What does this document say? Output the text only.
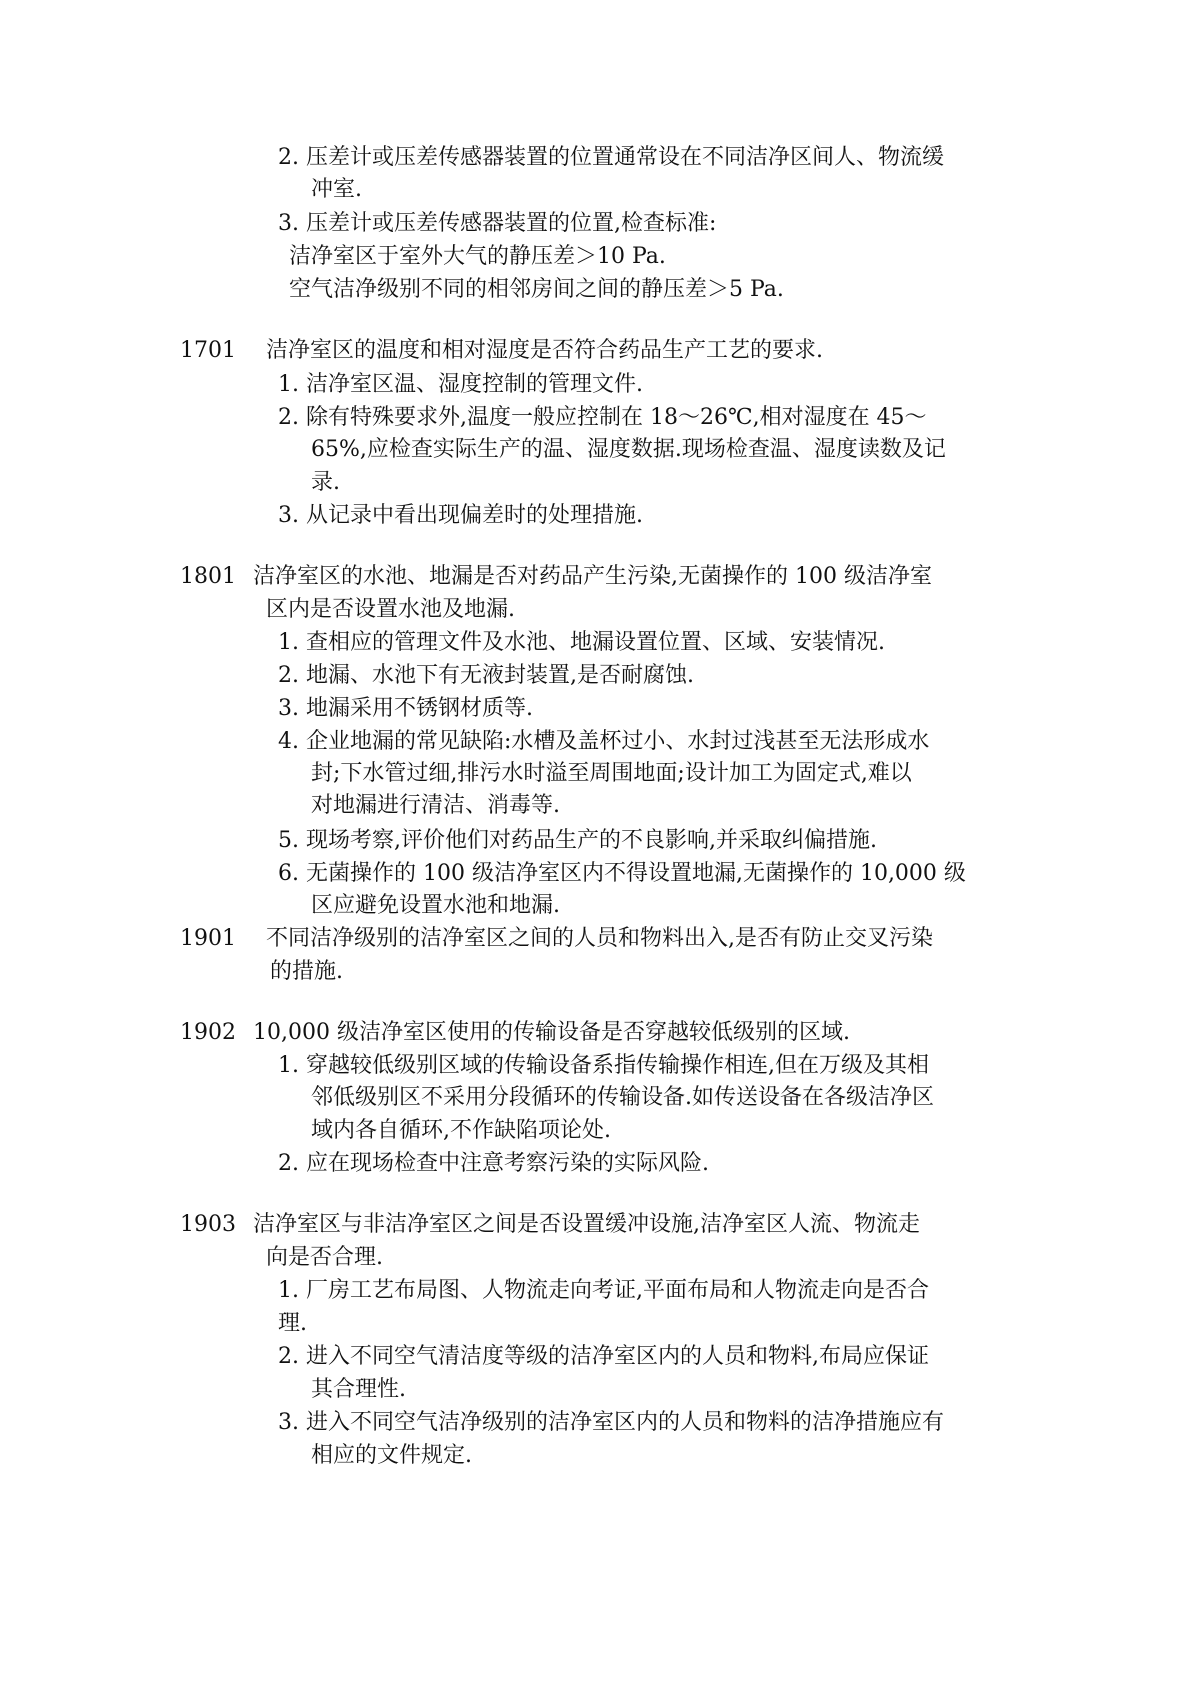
2. 压差计或压差传感器装置的位置通常设在不同洁净区间人、物流缓
冲室.
3. 压差计或压差传感器装置的位置,检查标准:
洁净室区于室外大气的静压差＞10 Pa.
空气洁净级别不同的相邻房间之间的静压差＞5 Pa.
1701 洁净室区的温度和相对湿度是否符合药品生产工艺的要求.
1. 洁净室区温、湿度控制的管理文件.
2. 除有特殊要求外,温度一般应控制在 18～26℃,相对湿度在 45～
65%,应检查实际生产的温、湿度数据.现场检查温、湿度读数及记
录.
3. 从记录中看出现偏差时的处理措施.
1801 洁净室区的水池、地漏是否对药品产生污染,无菌操作的 100 级洁净室
区内是否设置水池及地漏.
1. 查相应的管理文件及水池、地漏设置位置、区域、安装情况.
2. 地漏、水池下有无液封装置,是否耐腐蚀.
3. 地漏采用不锈钢材质等.
4. 企业地漏的常见缺陷:水槽及盖杯过小、水封过浅甚至无法形成水
封;下水管过细,排污水时溢至周围地面;设计加工为固定式,难以
对地漏进行清洁、消毒等.
5. 现场考察,评价他们对药品生产的不良影响,并采取纠偏措施.
6. 无菌操作的 100 级洁净室区内不得设置地漏,无菌操作的 10,000 级
区应避免设置水池和地漏.
1901 不同洁净级别的洁净室区之间的人员和物料出入,是否有防止交叉污染
的措施.
1902 10,000 级洁净室区使用的传输设备是否穿越较低级别的区域.
1. 穿越较低级别区域的传输设备系指传输操作相连,但在万级及其相
邻低级别区不采用分段循环的传输设备.如传送设备在各级洁净区
域内各自循环,不作缺陷项论处.
2. 应在现场检查中注意考察污染的实际风险.
1903 洁净室区与非洁净室区之间是否设置缓冲设施,洁净室区人流、物流走
向是否合理.
1. 厂房工艺布局图、人物流走向考证,平面布局和人物流走向是否合
理.
2. 进入不同空气清洁度等级的洁净室区内的人员和物料,布局应保证
其合理性.
3. 进入不同空气洁净级别的洁净室区内的人员和物料的洁净措施应有
相应的文件规定.
